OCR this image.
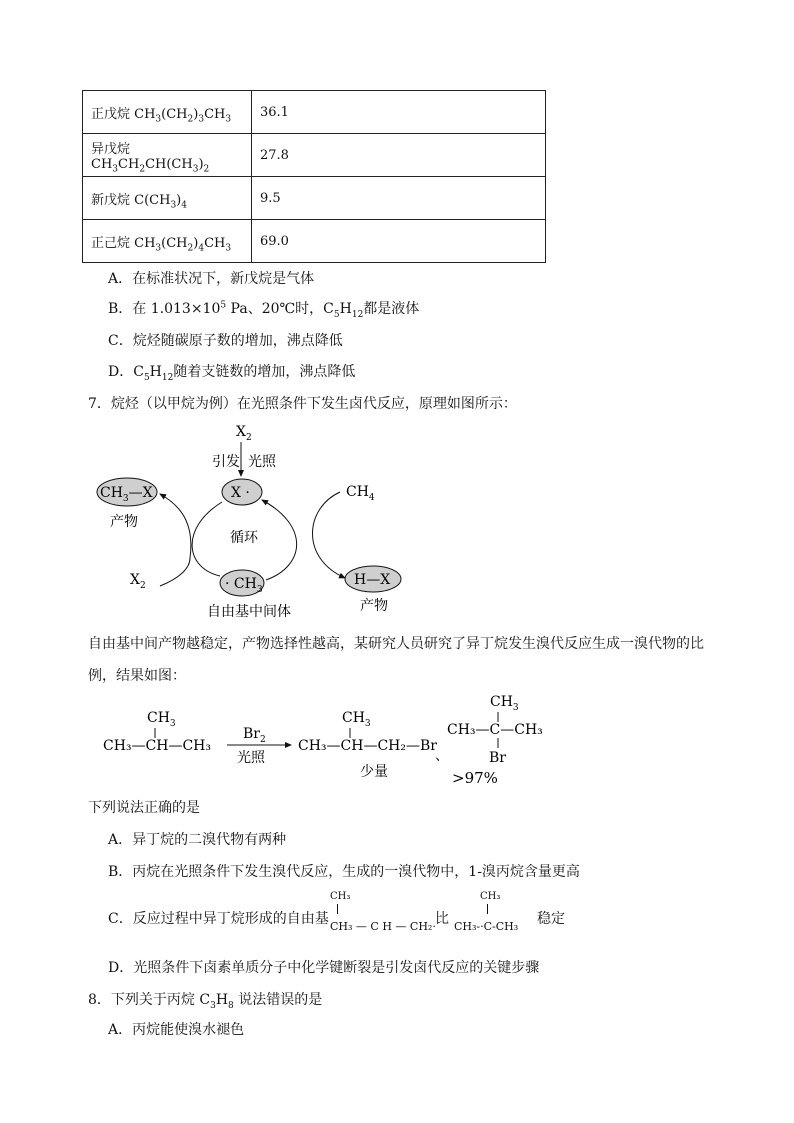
正戊烷 $CH_3(CH_2)_3CH_3$	36.1
异戊烷 $CH_3CH_2CH(CH_3)_2$	27.8
新戊烷 $C(CH_3)_4$	9.5
正己烷 $CH_3(CH_2)_4CH_3$	69.0
A．在标准状况下，新戊烷是气体
B．在 $1.013\times 10^5$ Pa、20℃时，$C_5H_{12}$都是液体
C．烷烃随碳原子数的增加，沸点降低
D．$C_5H_{12}$随着支链数的增加，沸点降低
7．烷烃（以甲烷为例）在光照条件下发生卤代反应，原理如图所示：
$X_2$
引发 光照
X ·
$CH_3—X$
产物
$CH_4$
循环
$X_2$	· $CH_3$
自由基中间体
H—X
产物
自由基中间产物越稳定，产物选择性越高，某研究人员研究了异丁烷发生溴代反应生成一溴代物的比
例，结果如图：
$CH_3$
CH₃—CH—CH₃
$Br_2$
光照
$CH_3$
CH₃—CH—CH₂—Br
少量
、
$CH_3$
CH₃—C—CH₃
Br
>97%
下列说法正确的是
A．异丁烷的二溴代物有两种
B．丙烷在光照条件下发生溴代反应，生成的一溴代物中，1-溴丙烷含量更高
C．反应过程中异丁烷形成的自由基
CH₃
CH₃ — C H — CH₂· 比
CH₃
CH₃-·C-CH₃ 稳定
D．光照条件下卤素单质分子中化学键断裂是引发卤代反应的关键步骤
8．下列关于丙烷 $C_3H_8$ 说法错误的是
A．丙烷能使溴水褪色
